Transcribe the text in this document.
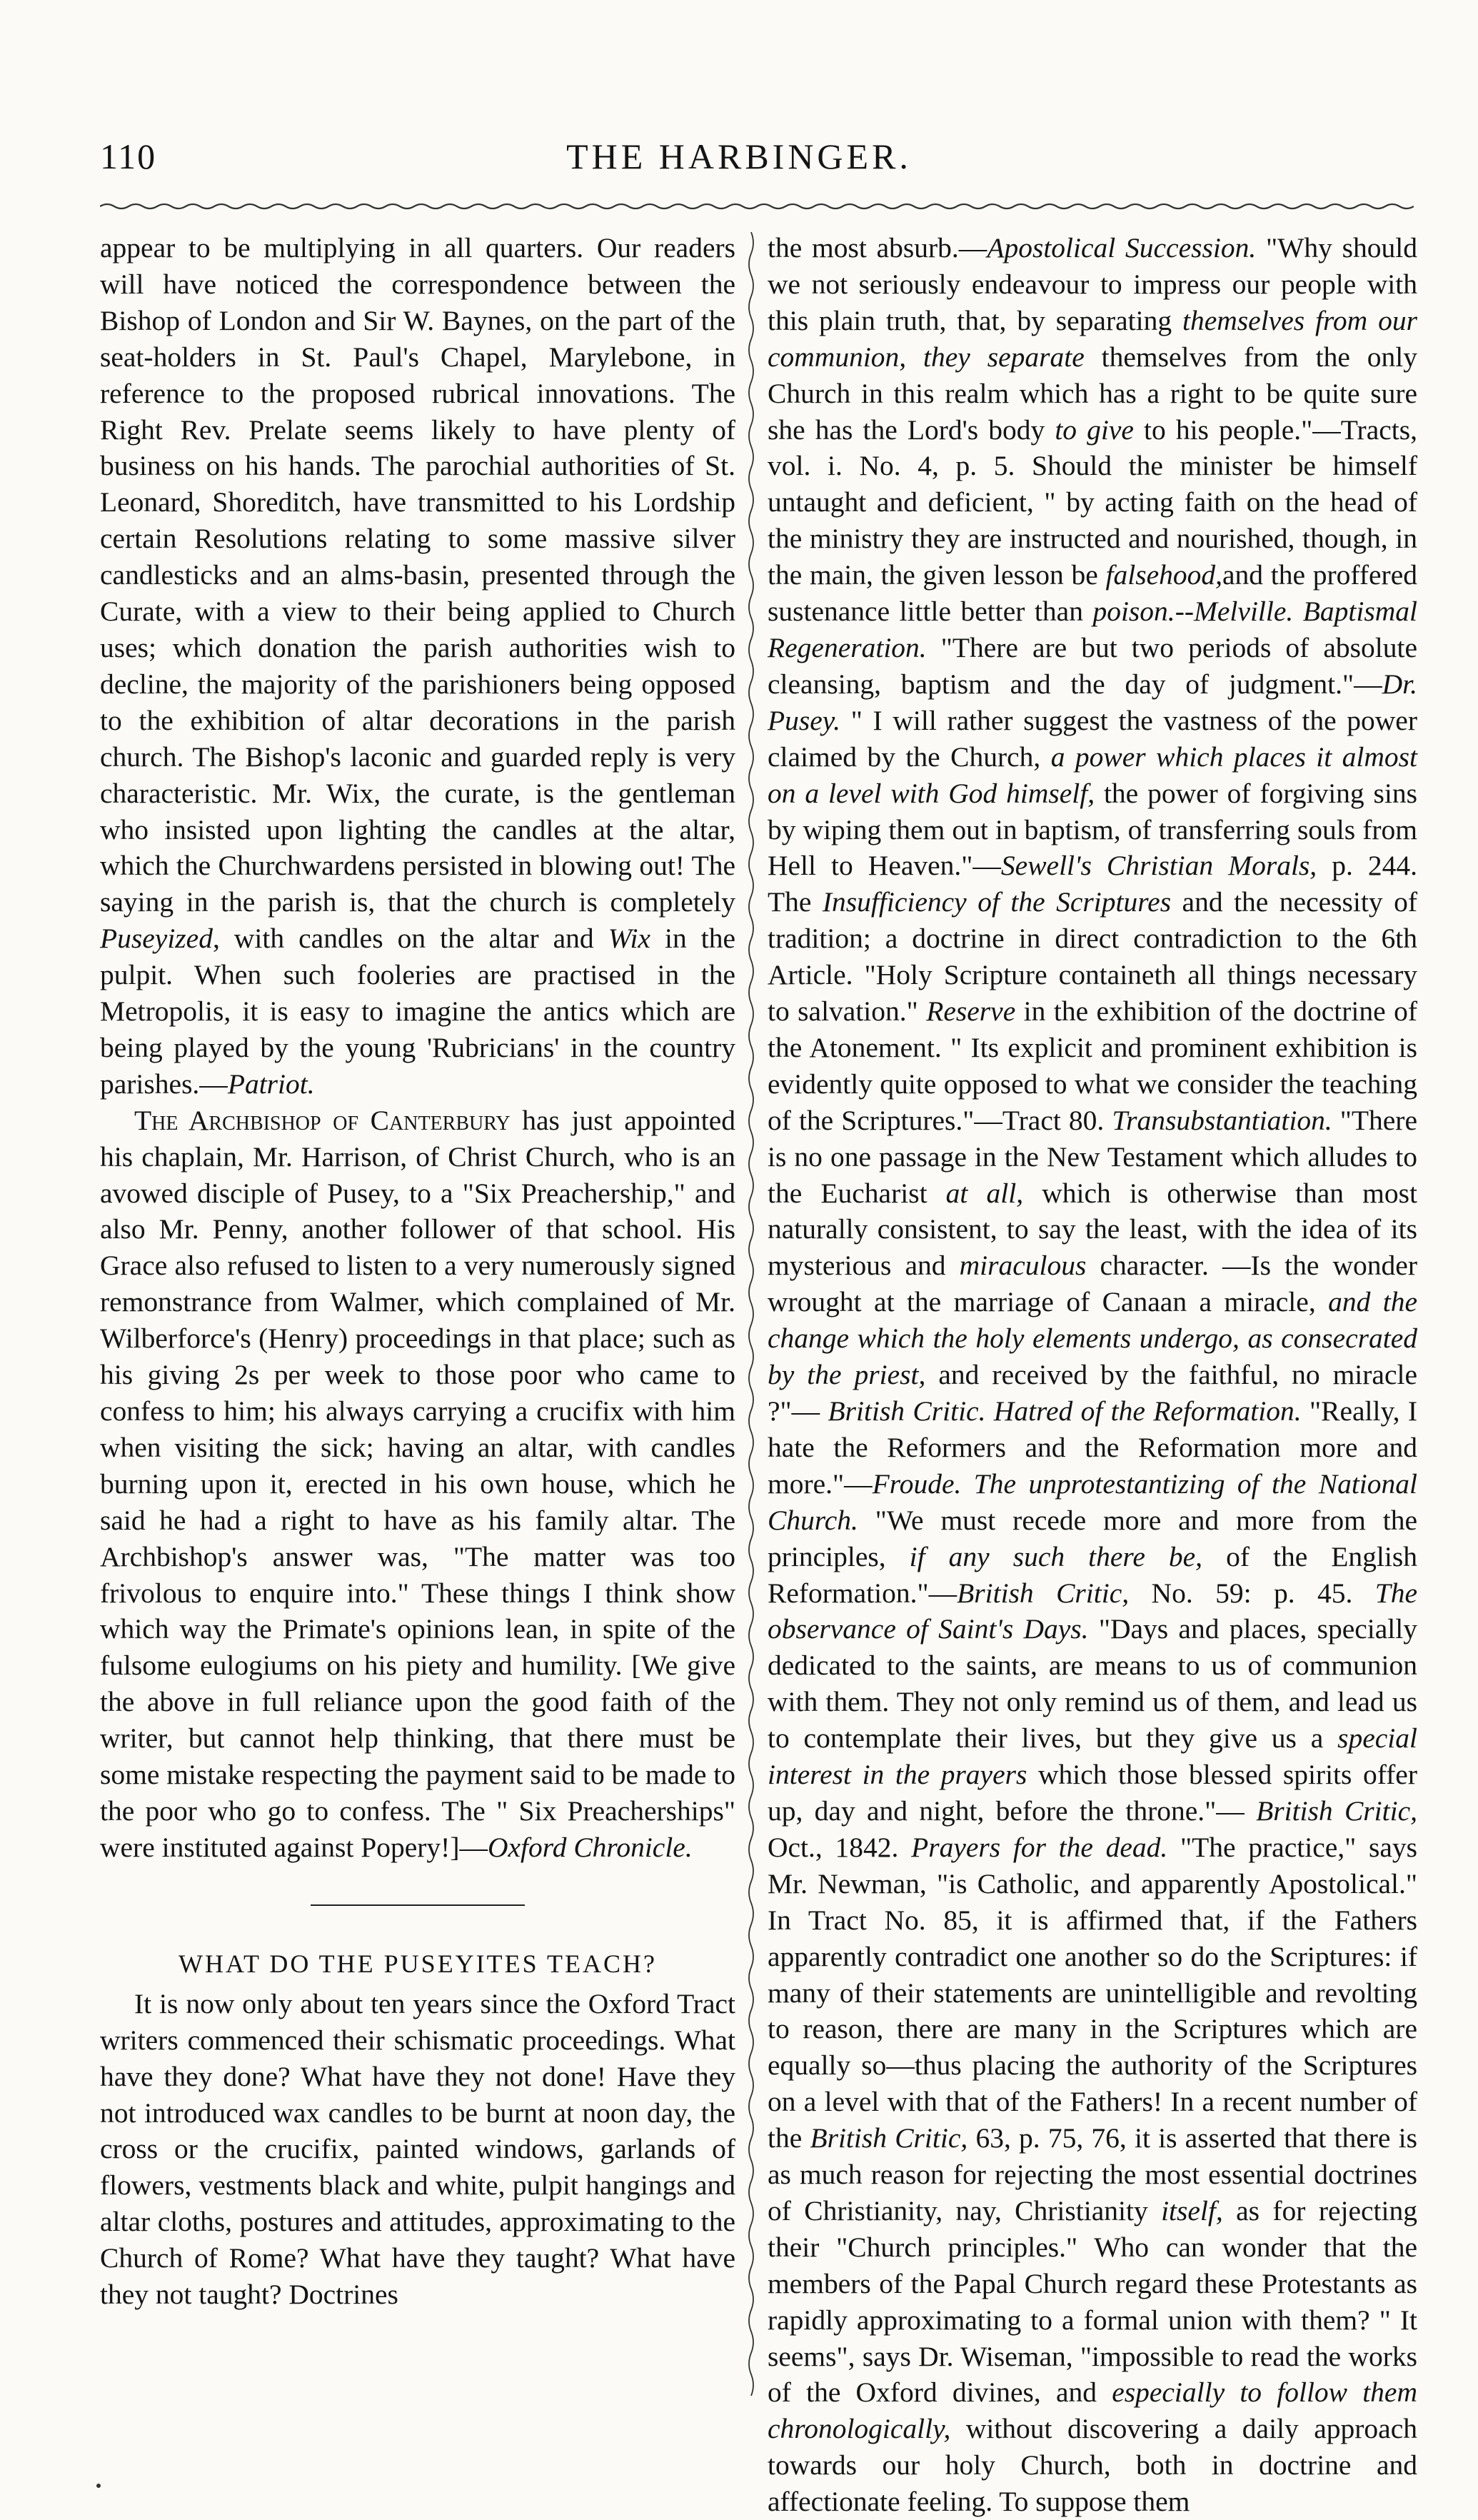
110	THE HARBINGER.

appear to be multiplying in all quarters. Our readers will have noticed the correspondence between the Bishop of London and Sir W. Baynes, on the part of the seat-holders in St. Paul's Chapel, Marylebone, in reference to the proposed rubrical innovations. The Right Rev. Prelate seems likely to have plenty of business on his hands. The parochial authorities of St. Leonard, Shoreditch, have transmitted to his Lordship certain Resolutions relating to some massive silver candlesticks and an alms-basin, presented through the Curate, with a view to their being applied to Church uses; which donation the parish authorities wish to decline, the majority of the parishioners being opposed to the exhibition of altar decorations in the parish church. The Bishop's laconic and guarded reply is very characteristic. Mr. Wix, the curate, is the gentleman who insisted upon lighting the candles at the altar, which the Churchwardens persisted in blowing out! The saying in the parish is, that the church is completely Puseyized, with candles on the altar and Wix in the pulpit. When such fooleries are practised in the Metropolis, it is easy to imagine the antics which are being played by the young 'Rubricians' in the country parishes.—Patriot.

The Archbishop of Canterbury has just appointed his chaplain, Mr. Harrison, of Christ Church, who is an avowed disciple of Pusey, to a "Six Preachership," and also Mr. Penny, another follower of that school. His Grace also refused to listen to a very numerously signed remonstrance from Walmer, which complained of Mr. Wilberforce's (Henry) proceedings in that place; such as his giving 2s per week to those poor who came to confess to him; his always carrying a crucifix with him when visiting the sick; having an altar, with candles burning upon it, erected in his own house, which he said he had a right to have as his family altar. The Archbishop's answer was, "The matter was too frivolous to enquire into." These things I think show which way the Primate's opinions lean, in spite of the fulsome eulogiums on his piety and humility. [We give the above in full reliance upon the good faith of the writer, but cannot help thinking, that there must be some mistake respecting the payment said to be made to the poor who go to confess. The " Six Preacherships" were instituted against Popery!]—Oxford Chronicle.

WHAT DO THE PUSEYITES TEACH?

It is now only about ten years since the Oxford Tract writers commenced their schismatic proceedings. What have they done? What have they not done! Have they not introduced wax candles to be burnt at noon day, the cross or the crucifix, painted windows, garlands of flowers, vestments black and white, pulpit hangings and altar cloths, postures and attitudes, approximating to the Church of Rome? What have they taught? What have they not taught? Doctrines

the most absurb.—Apostolical Succession. "Why should we not seriously endeavour to impress our people with this plain truth, that, by separating themselves from our communion, they separate themselves from the only Church in this realm which has a right to be quite sure she has the Lord's body to give to his people."—Tracts, vol. i. No. 4, p. 5. Should the minister be himself untaught and deficient, " by acting faith on the head of the ministry they are instructed and nourished, though, in the main, the given lesson be falsehood,and the proffered sustenance little better than poison.--Melville. Baptismal Regeneration. "There are but two periods of absolute cleansing, baptism and the day of judgment."—Dr. Pusey. " I will rather suggest the vastness of the power claimed by the Church, a power which places it almost on a level with God himself, the power of forgiving sins by wiping them out in baptism, of transferring souls from Hell to Heaven."—Sewell's Christian Morals, p. 244. The Insufficiency of the Scriptures and the necessity of tradition; a doctrine in direct contradiction to the 6th Article. "Holy Scripture containeth all things necessary to salvation." Reserve in the exhibition of the doctrine of the Atonement. " Its explicit and prominent exhibition is evidently quite opposed to what we consider the teaching of the Scriptures."—Tract 80. Transubstantiation. "There is no one passage in the New Testament which alludes to the Eucharist at all, which is otherwise than most naturally consistent, to say the least, with the idea of its mysterious and miraculous character. —Is the wonder wrought at the marriage of Canaan a miracle, and the change which the holy elements undergo, as consecrated by the priest, and received by the faithful, no miracle ?"— British Critic. Hatred of the Reformation. "Really, I hate the Reformers and the Reformation more and more."—Froude. The unprotestantizing of the National Church. "We must recede more and more from the principles, if any such there be, of the English Reformation."—British Critic, No. 59: p. 45. The observance of Saint's Days. "Days and places, specially dedicated to the saints, are means to us of communion with them. They not only remind us of them, and lead us to contemplate their lives, but they give us a special interest in the prayers which those blessed spirits offer up, day and night, before the throne."— British Critic, Oct., 1842. Prayers for the dead. "The practice," says Mr. Newman, "is Catholic, and apparently Apostolical." In Tract No. 85, it is affirmed that, if the Fathers apparently contradict one another so do the Scriptures: if many of their statements are unintelligible and revolting to reason, there are many in the Scriptures which are equally so—thus placing the authority of the Scriptures on a level with that of the Fathers! In a recent number of the British Critic, 63, p. 75, 76, it is asserted that there is as much reason for rejecting the most essential doctrines of Christianity, nay, Christianity itself, as for rejecting their "Church principles." Who can wonder that the members of the Papal Church regard these Protestants as rapidly approximating to a formal union with them? " It seems", says Dr. Wiseman, "impossible to read the works of the Oxford divines, and especially to follow them chronologically, without discovering a daily approach towards our holy Church, both in doctrine and affectionate feeling. To suppose them
